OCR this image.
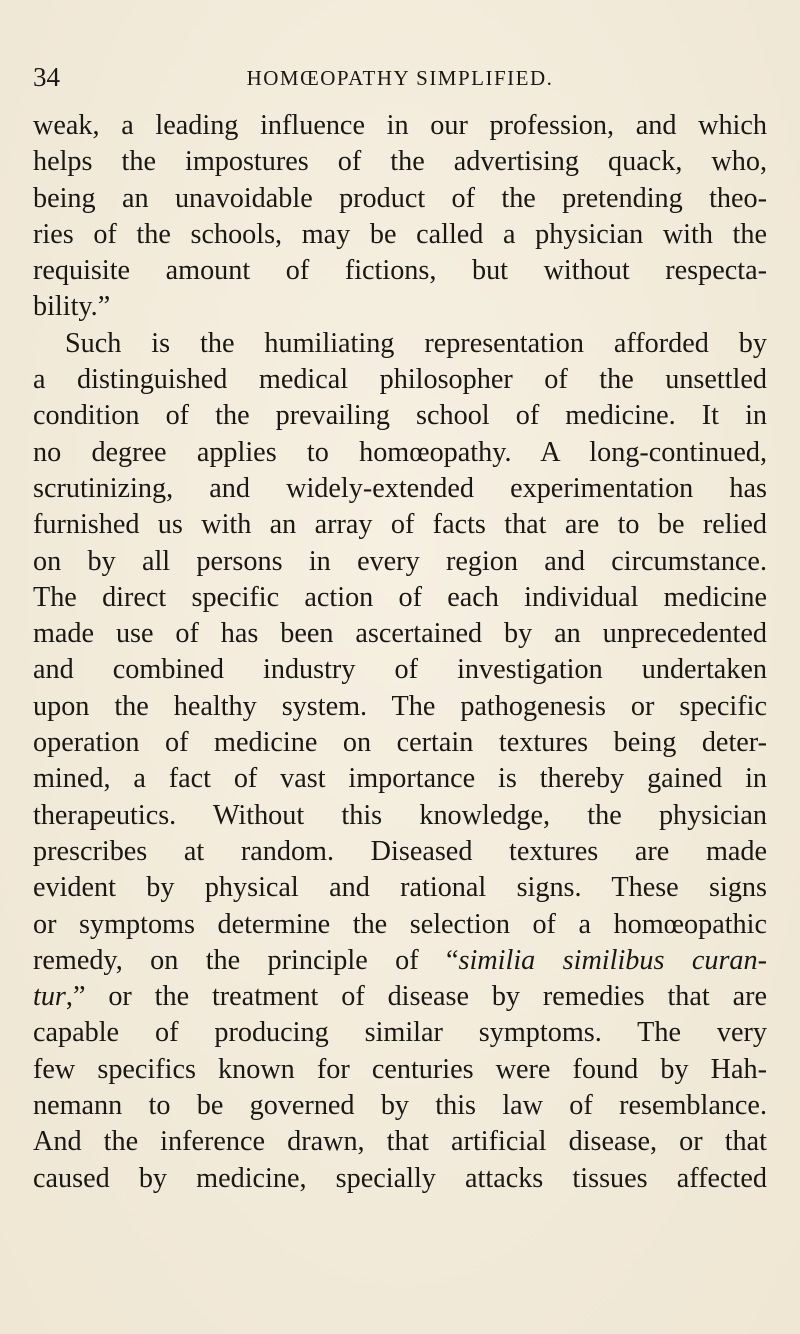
34	HOMŒOPATHY SIMPLIFIED.
weak, a leading influence in our profession, and which
helps the impostures of the advertising quack, who,
being an unavoidable product of the pretending theo-
ries of the schools, may be called a physician with the
requisite amount of fictions, but without respecta-
bility.”
Such is the humiliating representation afforded by
a distinguished medical philosopher of the unsettled
condition of the prevailing school of medicine. It in
no degree applies to homœopathy. A long-continued,
scrutinizing, and widely-extended experimentation has
furnished us with an array of facts that are to be relied
on by all persons in every region and circumstance.
The direct specific action of each individual medicine
made use of has been ascertained by an unprecedented
and combined industry of investigation undertaken
upon the healthy system. The pathogenesis or specific
operation of medicine on certain textures being deter-
mined, a fact of vast importance is thereby gained in
therapeutics. Without this knowledge, the physician
prescribes at random. Diseased textures are made
evident by physical and rational signs. These signs
or symptoms determine the selection of a homœopathic
remedy, on the principle of “similia similibus curan-
tur,” or the treatment of disease by remedies that are
capable of producing similar symptoms. The very
few specifics known for centuries were found by Hah-
nemann to be governed by this law of resemblance.
And the inference drawn, that artificial disease, or that
caused by medicine, specially attacks tissues affected
